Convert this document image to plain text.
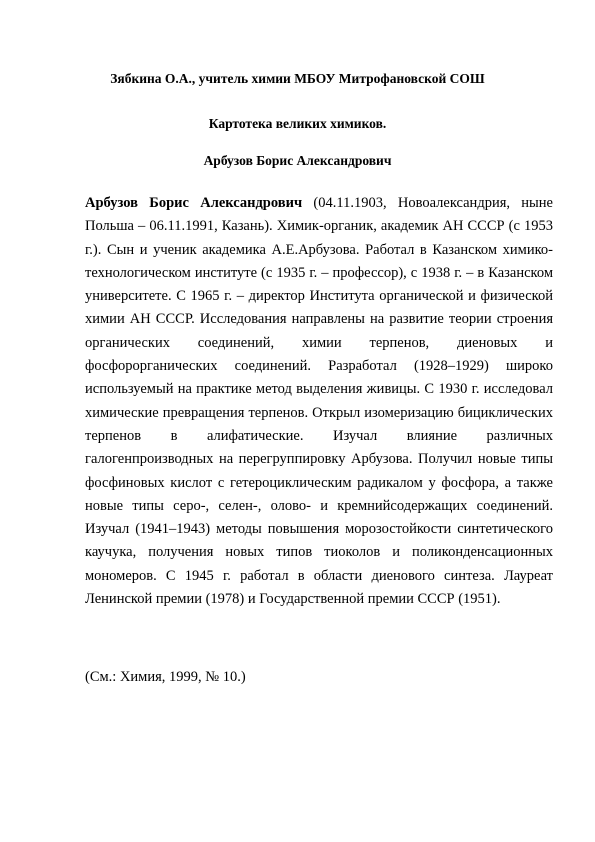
Зябкина О.А., учитель химии МБОУ Митрофановской СОШ
Картотека великих химиков.
Арбузов Борис Александрович

Арбузов Борис Александрович (04.11.1903, Новоалександрия, ныне Польша – 06.11.1991, Казань). Химик-органик, академик АН СССР (с 1953 г.). Сын и ученик академика А.Е.Арбузова. Работал в Казанском химико-технологическом институте (с 1935 г. – профессор), с 1938 г. – в Казанском университете. С 1965 г. – директор Института органической и физической химии АН СССР. Исследования направлены на развитие теории строения органических соединений, химии терпенов, диеновых и фосфорорганических соединений. Разработал (1928–1929) широко используемый на практике метод выделения живицы. С 1930 г. исследовал химические превращения терпенов. Открыл изомеризацию бициклических терпенов в алифатические. Изучал влияние различных галогенпроизводных на перегруппировку Арбузова. Получил новые типы фосфиновых кислот с гетероциклическим радикалом у фосфора, а также новые типы серо-, селен-, олово- и кремнийсодержащих соединений. Изучал (1941–1943) методы повышения морозостойкости синтетического каучука, получения новых типов тиоколов и поликонденсационных мономеров. С 1945 г. работал в области диенового синтеза. Лауреат Ленинской премии (1978) и Государственной премии СССР (1951).

(См.: Химия, 1999, № 10.)
